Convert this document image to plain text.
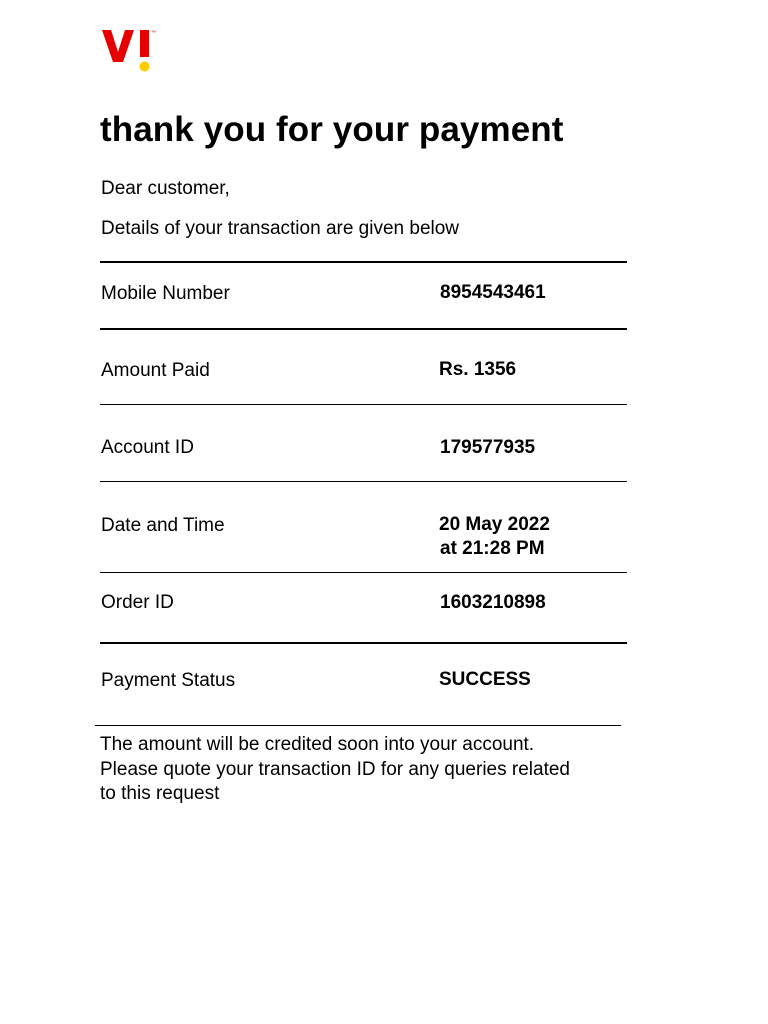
™
thank you for your payment
Dear customer,
Details of your transaction are given below
Mobile Number	8954543461
Amount Paid	Rs. 1356
Account ID	179577935
Date and Time	20 May 2022
at 21:28 PM
Order ID	1603210898
Payment Status	SUCCESS
The amount will be credited soon into your account.
Please quote your transaction ID for any queries related
to this request
